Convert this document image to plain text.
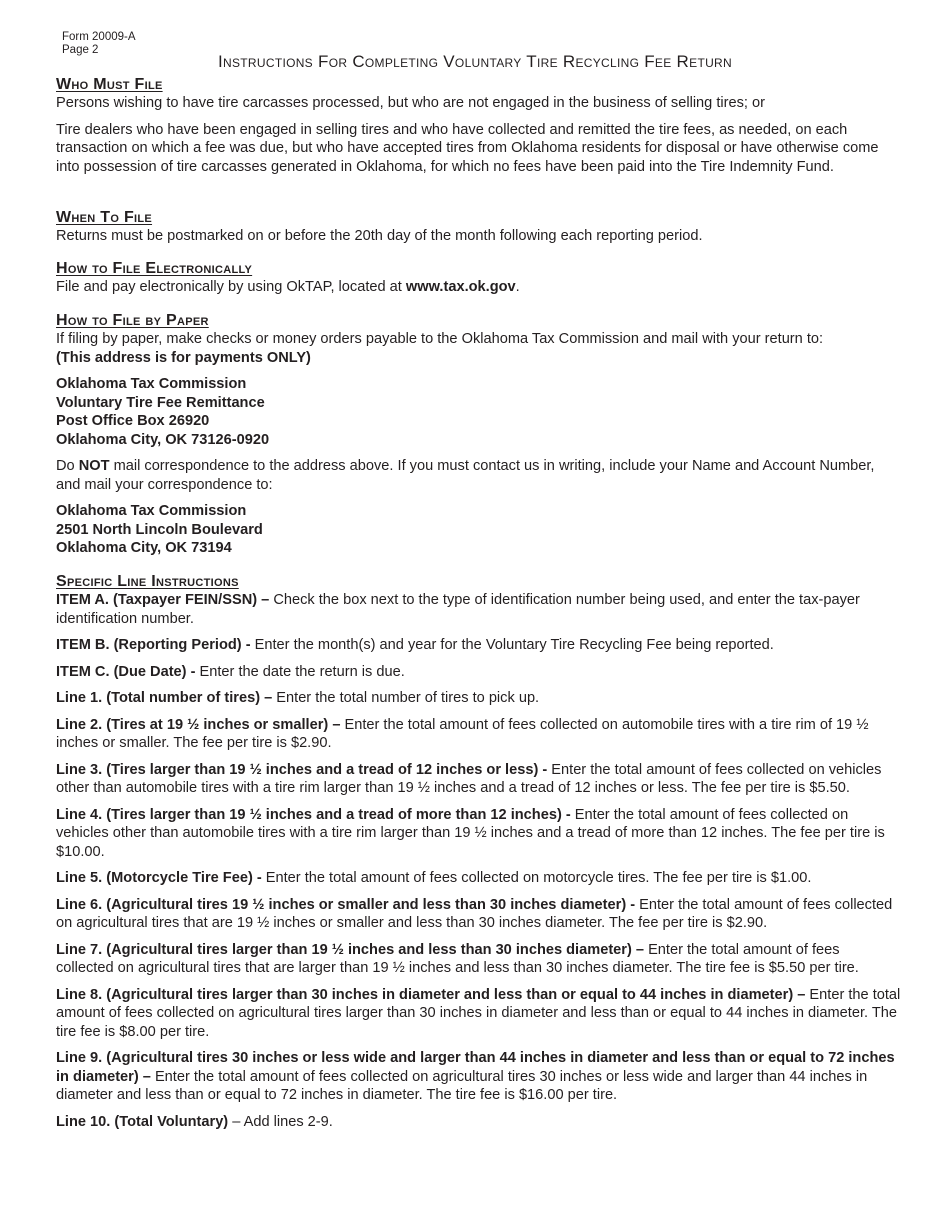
Form 20009-A
Page 2
Instructions For Completing Voluntary Tire Recycling Fee Return
Who Must File

Persons wishing to have tire carcasses processed, but who are not engaged in the business of selling tires; or

Tire dealers who have been engaged in selling tires and who have collected and remitted the tire fees, as needed, on each transaction on which a fee was due, but who have accepted tires from Oklahoma residents for disposal or have otherwise come into possession of tire carcasses generated in Oklahoma, for which no fees have been paid into the Tire Indemnity Fund.

When To File

Returns must be postmarked on or before the 20th day of the month following each reporting period.

How to File Electronically

File and pay electronically by using OkTAP, located at www.tax.ok.gov.

How to File by Paper

If filing by paper, make checks or money orders payable to the Oklahoma Tax Commission and mail with your return to:

(This address is for payments ONLY)

Oklahoma Tax Commission
Voluntary Tire Fee Remittance
Post Office Box 26920
Oklahoma City, OK 73126-0920

Do NOT mail correspondence to the address above. If you must contact us in writing, include your Name and Account Number, and mail your correspondence to:

Oklahoma Tax Commission
2501 North Lincoln Boulevard
Oklahoma City, OK 73194
Specific Line Instructions

ITEM A. (Taxpayer FEIN/SSN) – Check the box next to the type of identification number being used, and enter the tax-payer identification number.

ITEM B. (Reporting Period) - Enter the month(s) and year for the Voluntary Tire Recycling Fee being reported.

ITEM C. (Due Date) - Enter the date the return is due.

Line 1. (Total number of tires) – Enter the total number of tires to pick up.

Line 2. (Tires at 19 ½ inches or smaller) – Enter the total amount of fees collected on automobile tires with a tire rim of 19 ½ inches or smaller. The fee per tire is $2.90.

Line 3. (Tires larger than 19 ½ inches and a tread of 12 inches or less) - Enter the total amount of fees collected on vehicles other than automobile tires with a tire rim larger than 19 ½ inches and a tread of 12 inches or less. The fee per tire is $5.50.

Line 4. (Tires larger than 19 ½ inches and a tread of more than 12 inches) - Enter the total amount of fees collected on vehicles other than automobile tires with a tire rim larger than 19 ½ inches and a tread of more than 12 inches. The fee per tire is $10.00.

Line 5. (Motorcycle Tire Fee) - Enter the total amount of fees collected on motorcycle tires. The fee per tire is $1.00.

Line 6. (Agricultural tires 19 ½ inches or smaller and less than 30 inches diameter) - Enter the total amount of fees collected on agricultural tires that are 19 ½ inches or smaller and less than 30 inches diameter. The fee per tire is $2.90.

Line 7. (Agricultural tires larger than 19 ½ inches and less than 30 inches diameter) – Enter the total amount of fees collected on agricultural tires that are larger than 19 ½ inches and less than 30 inches diameter. The tire fee is $5.50 per tire.

Line 8. (Agricultural tires larger than 30 inches in diameter and less than or equal to 44 inches in diameter) – Enter the total amount of fees collected on agricultural tires larger than 30 inches in diameter and less than or equal to 44 inches in diameter. The tire fee is $8.00 per tire.

Line 9. (Agricultural tires 30 inches or less wide and larger than 44 inches in diameter and less than or equal to 72 inches in diameter) – Enter the total amount of fees collected on agricultural tires 30 inches or less wide and larger than 44 inches in diameter and less than or equal to 72 inches in diameter. The tire fee is $16.00 per tire.

Line 10. (Total Voluntary) – Add lines 2-9.
